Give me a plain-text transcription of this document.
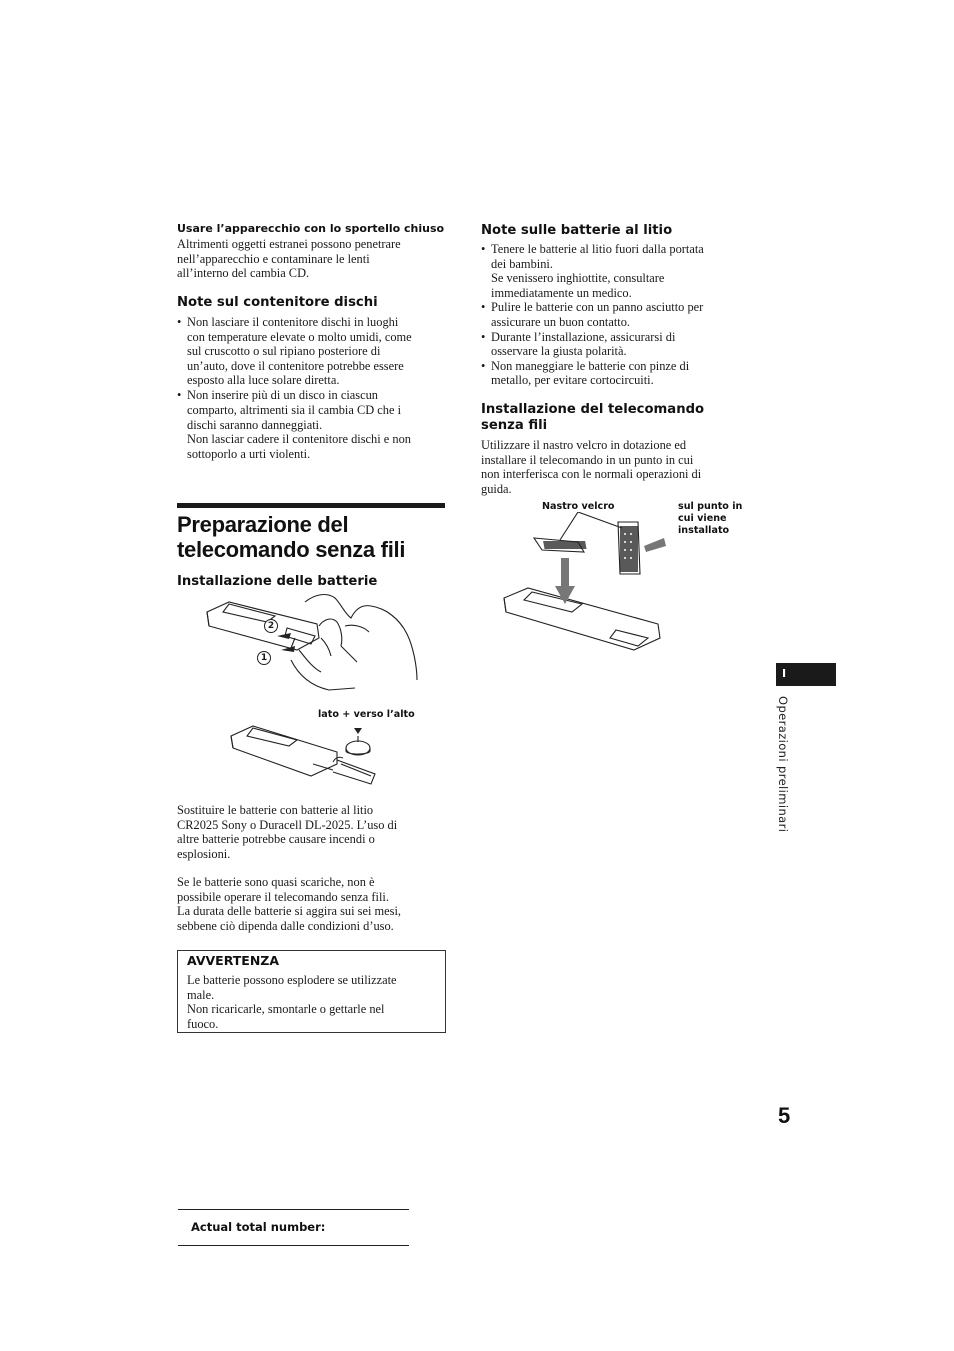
Usare l’apparecchio con lo sportello chiuso
Altrimenti oggetti estranei possono penetrare
nell’apparecchio e contaminare le lenti
all’interno del cambia CD.
Note sul contenitore dischi
• Non lasciare il contenitore dischi in luoghi
con temperature elevate o molto umidi, come
sul cruscotto o sul ripiano posteriore di
un’auto, dove il contenitore potrebbe essere
esposto alla luce solare diretta.
• Non inserire più di un disco in ciascun
comparto, altrimenti sia il cambia CD che i
dischi saranno danneggiati.
Non lasciar cadere il contenitore dischi e non
sottoporlo a urti violenti.
Preparazione del
telecomando senza fili
Installazione delle batterie
2
1
lato + verso l’alto
Sostituire le batterie con batterie al litio
CR2025 Sony o Duracell DL-2025. L’uso di
altre batterie potrebbe causare incendi o
esplosioni.
Se le batterie sono quasi scariche, non è
possibile operare il telecomando senza fili.
La durata delle batterie si aggira sui sei mesi,
sebbene ciò dipenda dalle condizioni d’uso.
AVVERTENZA
Le batterie possono esplodere se utilizzate
male.
Non ricaricarle, smontarle o gettarle nel
fuoco.
Note sulle batterie al litio
• Tenere le batterie al litio fuori dalla portata
dei bambini.
Se venissero inghiottite, consultare
immediatamente un medico.
• Pulire le batterie con un panno asciutto per
assicurare un buon contatto.
• Durante l’installazione, assicurarsi di
osservare la giusta polarità.
• Non maneggiare le batterie con pinze di
metallo, per evitare cortocircuiti.
Installazione del telecomando
senza fili
Utilizzare il nastro velcro in dotazione ed
installare il telecomando in un punto in cui
non interferisca con le normali operazioni di
guida.
Nastro velcro	sul punto in
cui viene
installato
I
Operazioni preliminari
5
Actual total number:
